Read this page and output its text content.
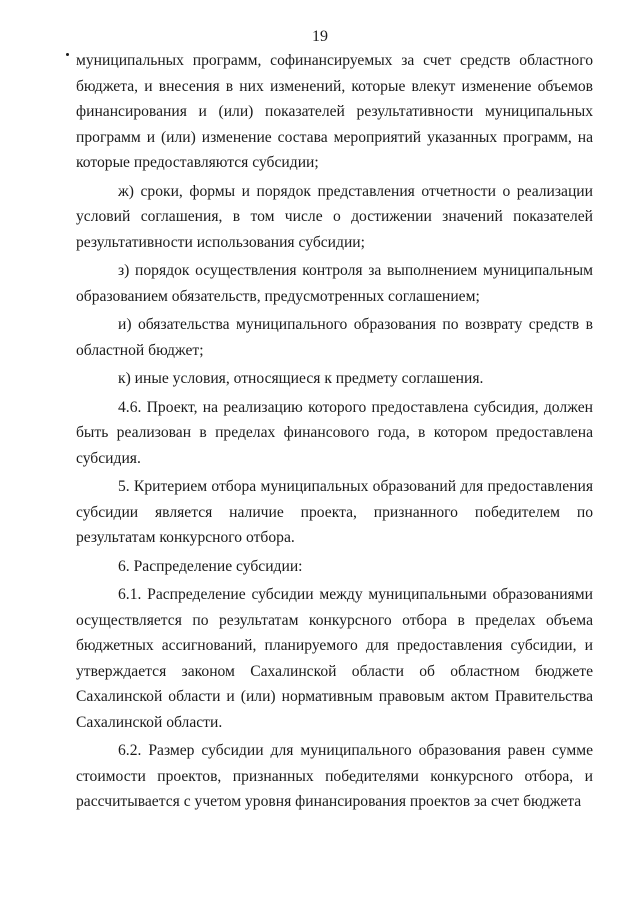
19

муниципальных программ, софинансируемых за счет средств областного бюджета, и внесения в них изменений, которые влекут изменение объемов финансирования и (или) показателей результативности муниципальных программ и (или) изменение состава мероприятий указанных программ, на которые предоставляются субсидии;

ж) сроки, формы и порядок представления отчетности о реализации условий соглашения, в том числе о достижении значений показателей результативности использования субсидии;

з) порядок осуществления контроля за выполнением муниципальным образованием обязательств, предусмотренных соглашением;

и) обязательства муниципального образования по возврату средств в областной бюджет;

к) иные условия, относящиеся к предмету соглашения.

4.6. Проект, на реализацию которого предоставлена субсидия, должен быть реализован в пределах финансового года, в котором предоставлена субсидия.

5. Критерием отбора муниципальных образований для предоставления субсидии является наличие проекта, признанного победителем по результатам конкурсного отбора.

6. Распределение субсидии:

6.1. Распределение субсидии между муниципальными образованиями осуществляется по результатам конкурсного отбора в пределах объема бюджетных ассигнований, планируемого для предоставления субсидии, и утверждается законом Сахалинской области об областном бюджете Сахалинской области и (или) нормативным правовым актом Правительства Сахалинской области.

6.2. Размер субсидии для муниципального образования равен сумме стоимости проектов, признанных победителями конкурсного отбора, и рассчитывается с учетом уровня финансирования проектов за счет бюджета
